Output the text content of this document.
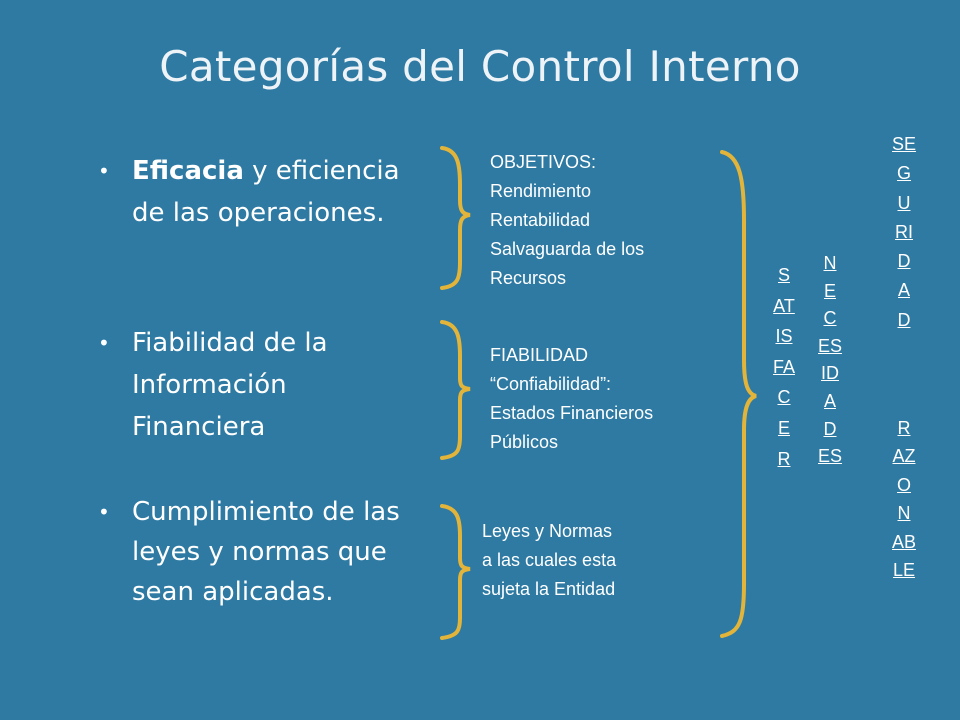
Categorías del Control Interno
• Eficacia y eficiencia de las operaciones.
• Fiabilidad de la Información Financiera
• Cumplimiento de las leyes y normas que sean aplicadas.
OBJETIVOS:
Rendimiento
Rentabilidad
Salvaguarda de los
Recursos
FIABILIDAD
“Confiabilidad”:
Estados Financieros
Públicos
Leyes y Normas
a las cuales esta
sujeta la Entidad
SATISFACER
NECESIDADES
SEGURIDAD
RAZONABLE
